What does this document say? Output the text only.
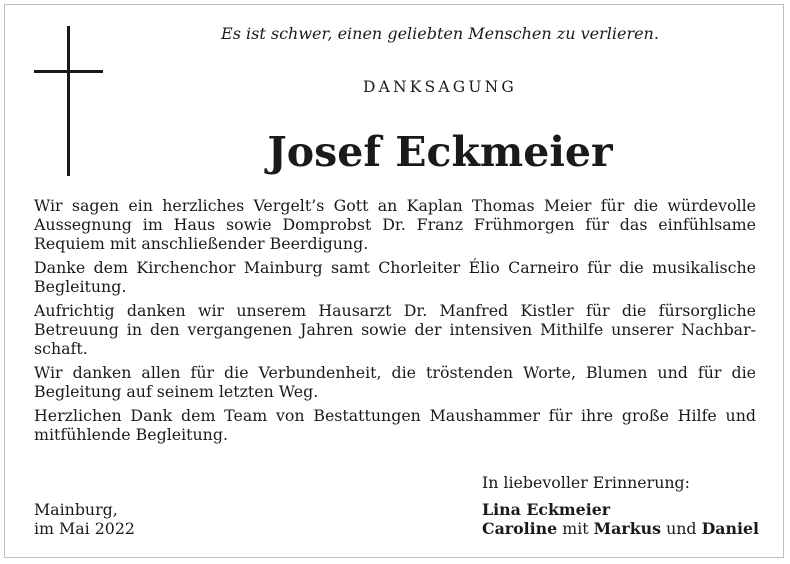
Es ist schwer, einen geliebten Menschen zu verlieren.
DANKSAGUNG
Josef Eckmeier

Wir sagen ein herzliches Vergelt’s Gott an Kaplan Thomas Meier für die würdevolle Aussegnung im Haus sowie Domprobst Dr. Franz Frühmorgen für das einfühlsame Requiem mit anschließender Beerdigung.

Danke dem Kirchenchor Mainburg samt Chorleiter Élio Carneiro für die musikalische Begleitung.

Aufrichtig danken wir unserem Hausarzt Dr. Manfred Kistler für die fürsorgliche Betreuung in den vergangenen Jahren sowie der intensiven Mithilfe unserer Nachbarschaft.

Wir danken allen für die Verbundenheit, die tröstenden Worte, Blumen und für die Begleitung auf seinem letzten Weg.

Herzlichen Dank dem Team von Bestattungen Maushammer für ihre große Hilfe und mitfühlende Begleitung.

In liebevoller Erinnerung:
Mainburg,
im Mai 2022
Lina Eckmeier
Caroline mit Markus und Daniel
